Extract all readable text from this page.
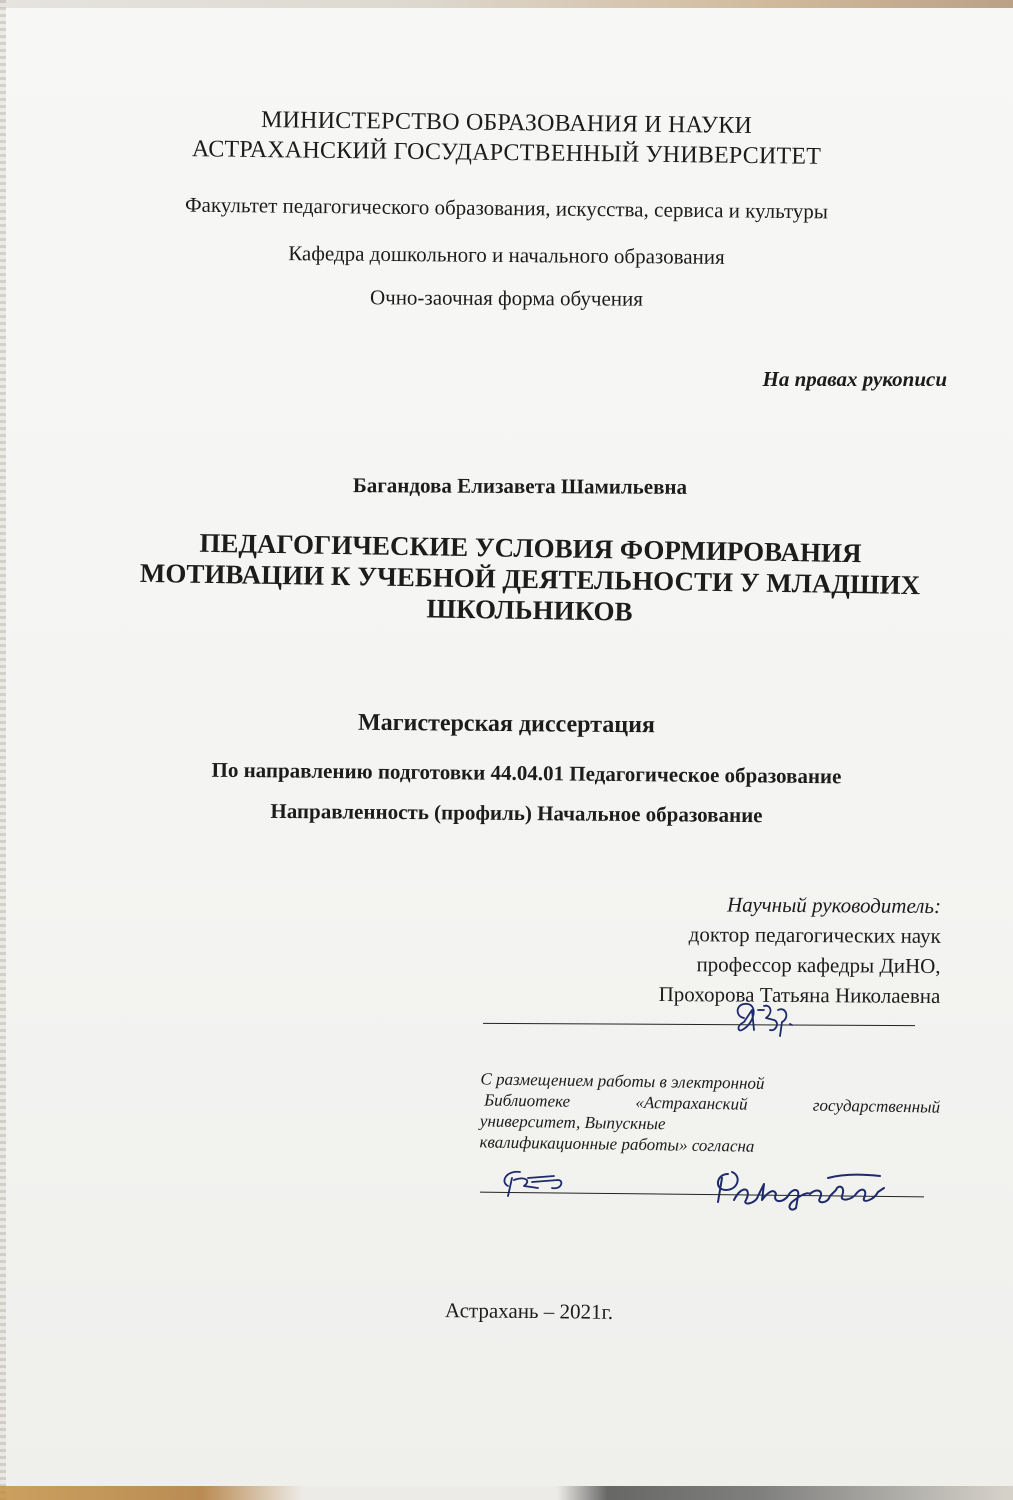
МИНИСТЕРСТВО ОБРАЗОВАНИЯ И НАУКИ
АСТРАХАНСКИЙ ГОСУДАРСТВЕННЫЙ УНИВЕРСИТЕТ
Факультет педагогического образования, искусства, сервиса и культуры
Кафедра дошкольного и начального образования
Очно-заочная форма обучения
На правах рукописи
Багандова Елизавета Шамильевна
ПЕДАГОГИЧЕСКИЕ УСЛОВИЯ ФОРМИРОВАНИЯ
МОТИВАЦИИ К УЧЕБНОЙ ДЕЯТЕЛЬНОСТИ У МЛАДШИХ
ШКОЛЬНИКОВ
Магистерская диссертация
По направлению подготовки 44.04.01 Педагогическое образование
Направленность (профиль) Начальное образование
Научный руководитель:
доктор педагогических наук
профессор кафедры ДиНО,
Прохорова Татьяна Николаевна
С размещением работы в электронной
Библиотеке	«Астраханский	государственный
университет, Выпускные
квалификационные работы» согласна
Астрахань – 2021г.
